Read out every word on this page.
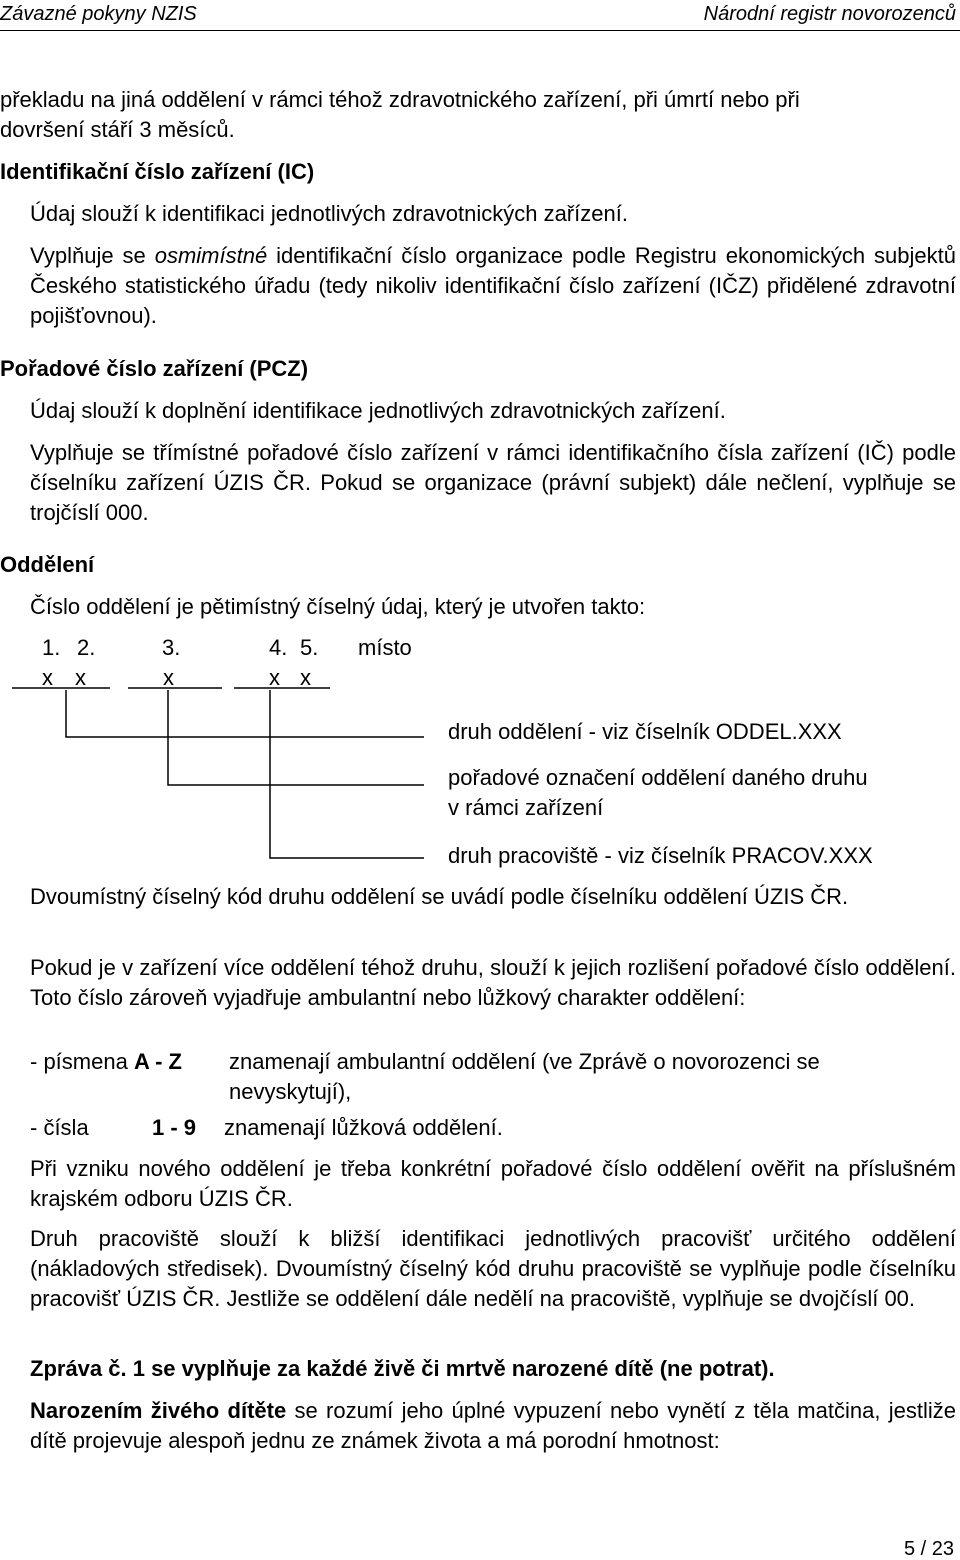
Závazné pokyny NZIS	Národní registr novorozenců

překladu na jiná oddělení v rámci téhož zdravotnického zařízení, při úmrtí nebo při

dovršení stáří 3 měsíců.

Identifikační číslo zařízení (IC)

Údaj slouží k identifikaci jednotlivých zdravotnických zařízení.

Vyplňuje se osmimístné identifikační číslo organizace podle Registru ekonomických subjektů Českého statistického úřadu (tedy nikoliv identifikační číslo zařízení (IČZ) přidělené zdravotní pojišťovnou).

Pořadové číslo zařízení (PCZ)

Údaj slouží k doplnění identifikace jednotlivých zdravotnických zařízení.

Vyplňuje se třímístné pořadové číslo zařízení v rámci identifikačního čísla zařízení (IČ) podle číselníku zařízení ÚZIS ČR. Pokud se organizace (právní subjekt) dále nečlení, vyplňuje se trojčíslí 000.

Oddělení

Číslo oddělení je pětimístný číselný údaj, který je utvořen takto:

1. 2.	3.	4. 5. místo
x x	x	x x
druh oddělení - viz číselník ODDEL.XXX
pořadové označení oddělení daného druhu
v rámci zařízení
druh pracoviště - viz číselník PRACOV.XXX

Dvoumístný číselný kód druhu oddělení se uvádí podle číselníku oddělení ÚZIS ČR.

Pokud je v zařízení více oddělení téhož druhu, slouží k jejich rozlišení pořadové číslo oddělení. Toto číslo zároveň vyjadřuje ambulantní nebo lůžkový charakter oddělení:

- písmena A - Z znamenají ambulantní oddělení (ve Zprávě o novorozenci se
nevyskytují),
- čísla	1 - 9 znamenají lůžková oddělení.

Při vzniku nového oddělení je třeba konkrétní pořadové číslo oddělení ověřit na příslušném krajském odboru ÚZIS ČR.

Druh pracoviště slouží k bližší identifikaci jednotlivých pracovišť určitého oddělení (nákladových středisek). Dvoumístný číselný kód druhu pracoviště se vyplňuje podle číselníku pracovišť ÚZIS ČR. Jestliže se oddělení dále nedělí na pracoviště, vyplňuje se dvojčíslí 00.

Zpráva č. 1 se vyplňuje za každé živě či mrtvě narozené dítě (ne potrat).

Narozením živého dítěte se rozumí jeho úplné vypuzení nebo vynětí z těla matčina, jestliže dítě projevuje alespoň jednu ze známek života a má porodní hmotnost:

5 / 23
